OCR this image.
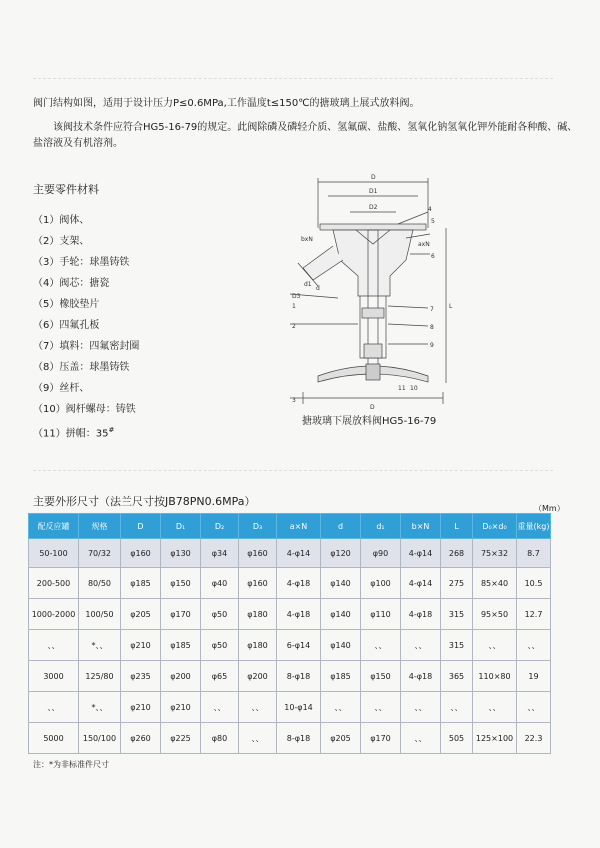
阀门结构如图，适用于设计压力P≤0.6MPa,工作温度t≤150℃的搪玻璃上展式放料阀。

该阀技术条件应符合HG5-16-79的规定。此阀除磷及磷轻介质、氢氟碳、盐酸、氢氧化钠氢氧化钾外能耐各种酸、碱、盐溶液及有机溶剂。

主要零件材料
（1）阀体、
（2）支架、
（3）手轮：球墨铸铁
（4）阀芯：搪瓷
（5）橡胶垫片
（6）四氟孔板
（7）填料：四氟密封圈
（8）压盖：球墨铸铁
（9）丝杆、
（10）阀杆螺母：铸铁
（11）拼帽：35#
D
D1
D2	4
5
axN
6
bxN
d1
d
D3
1
2
7
8
9
L
10
11
3
D
搪玻璃下展放料阀HG5-16-79
主要外形尺寸（法兰尺寸按JB78PN0.6MPa）
（Mm）
配反应罐	规格	D	D₁	D₂	D₃	a×N	d	d₁	b×N	L	D₀×d₀	重量(kg)
50-100	70/32	φ160	φ130	φ34	φ160	4-φ14	φ120	φ90	4-φ14	268	75×32	8.7
200-500	80/50	φ185	φ150	φ40	φ160	4-φ18	φ140	φ100	4-φ14	275	85×40	10.5
1000-2000	100/50	φ205	φ170	φ50	φ180	4-φ18	φ140	φ110	4-φ18	315	95×50	12.7
、、	*、、	φ210	φ185	φ50	φ180	6-φ14	φ140	、、	、、	315	、、	、、
3000	125/80	φ235	φ200	φ65	φ200	8-φ18	φ185	φ150	4-φ18	365	110×80	19
、、	*、、	φ210	φ210	、、	、、	10-φ14	、、	、、	、、	、、	、、	、、
5000	150/100	φ260	φ225	φ80	、、	8-φ18	φ205	φ170	、、	505	125×100	22.3
注：*为非标准件尺寸
